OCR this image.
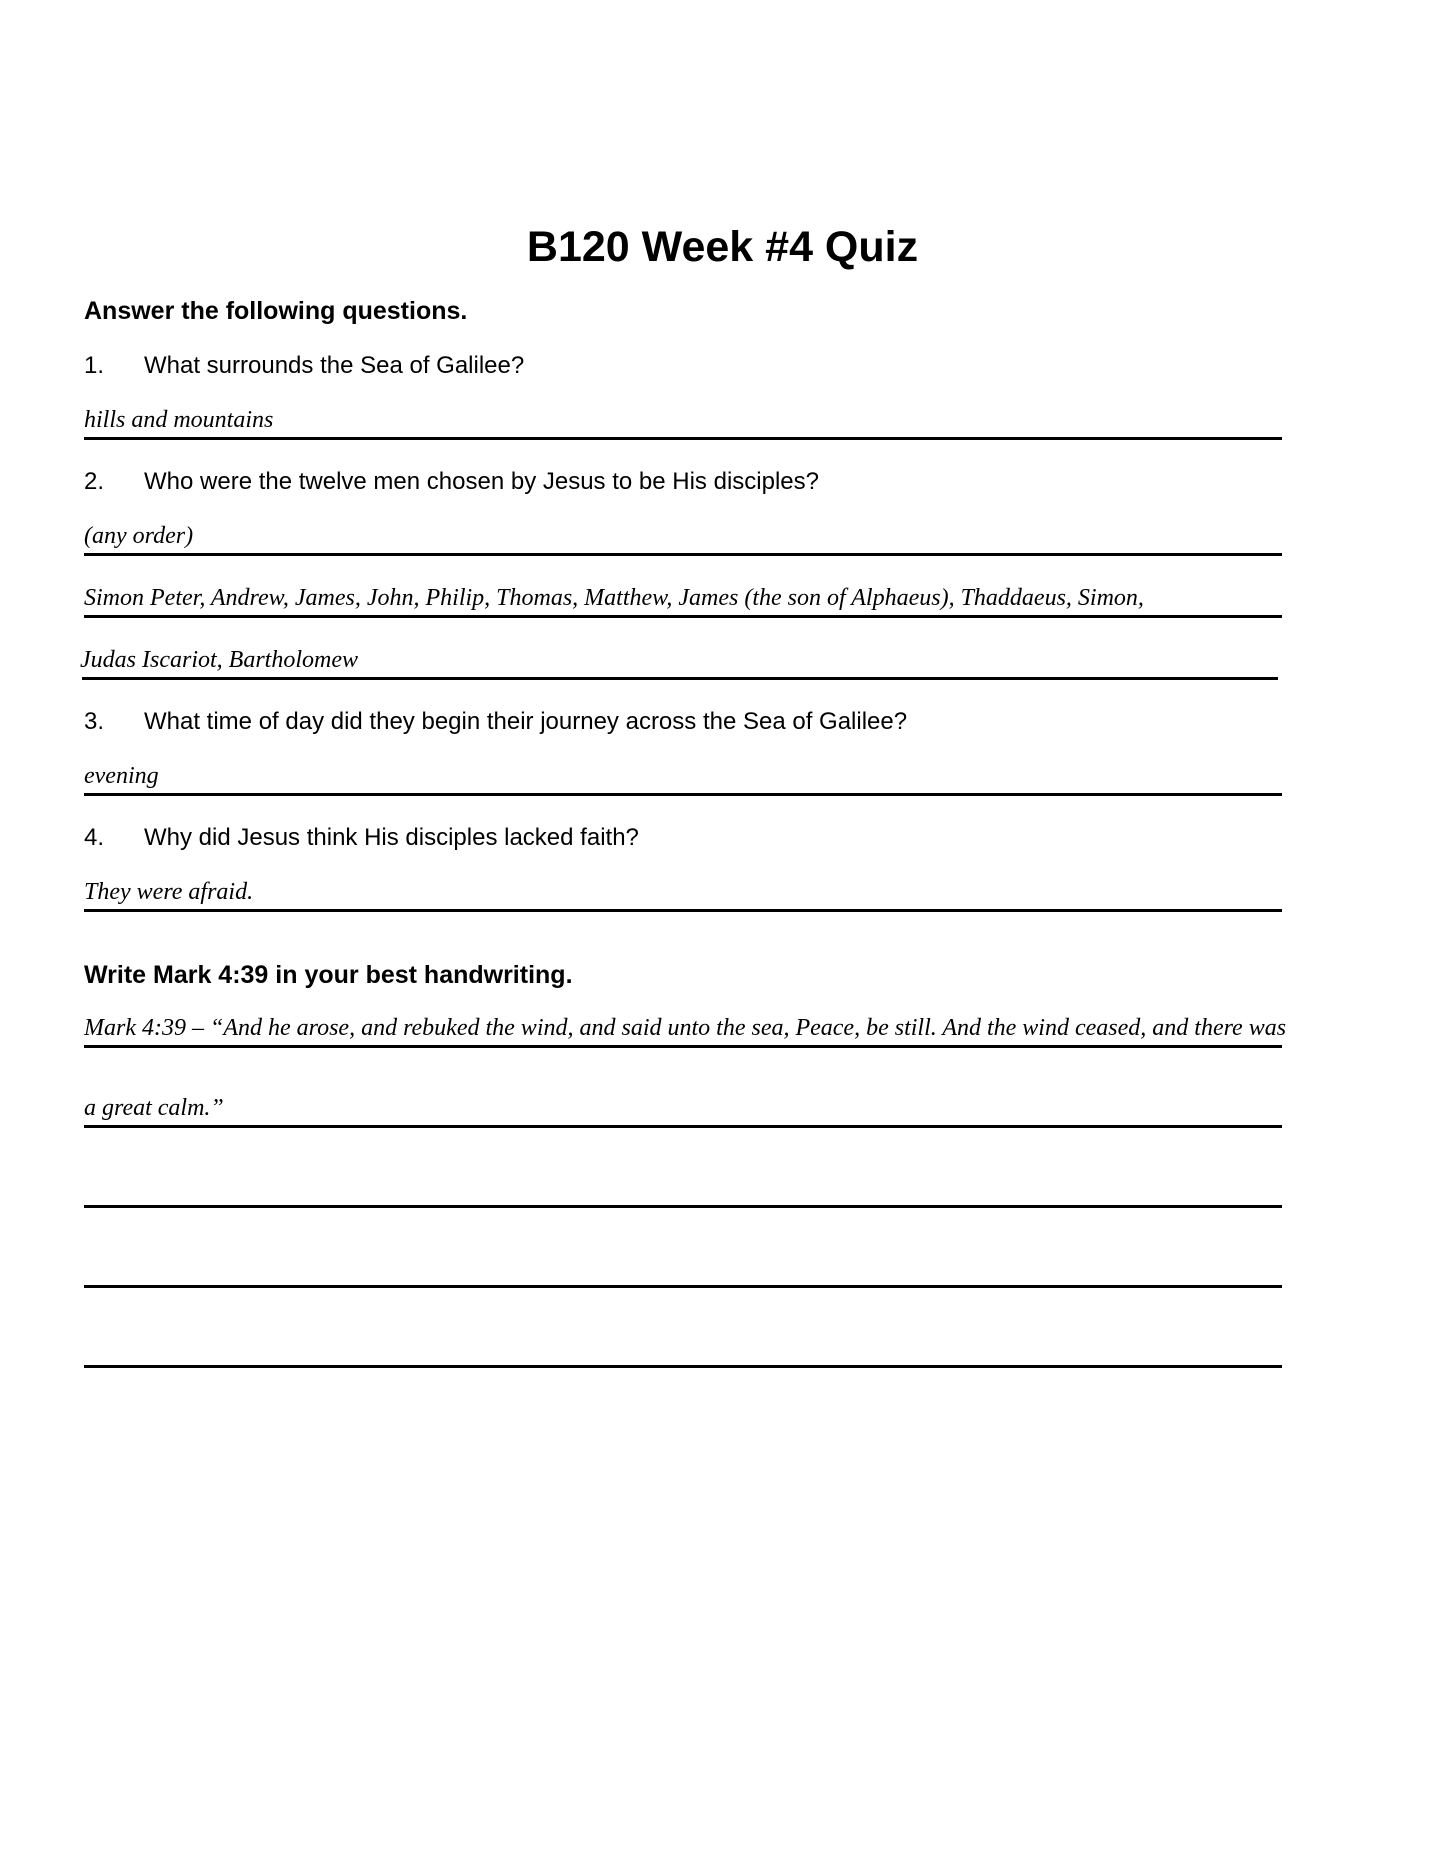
B120 Week #4 Quiz
Answer the following questions.
1. What surrounds the Sea of Galilee?
hills and mountains
2. Who were the twelve men chosen by Jesus to be His disciples?
(any order)
Simon Peter, Andrew, James, John, Philip, Thomas, Matthew, James (the son of Alphaeus), Thaddaeus, Simon,
Judas Iscariot, Bartholomew
3. What time of day did they begin their journey across the Sea of Galilee?
evening
4. Why did Jesus think His disciples lacked faith?
They were afraid.
Write Mark 4:39 in your best handwriting.
Mark 4:39 – “And he arose, and rebuked the wind, and said unto the sea, Peace, be still. And the wind ceased, and there was
a great calm.”
